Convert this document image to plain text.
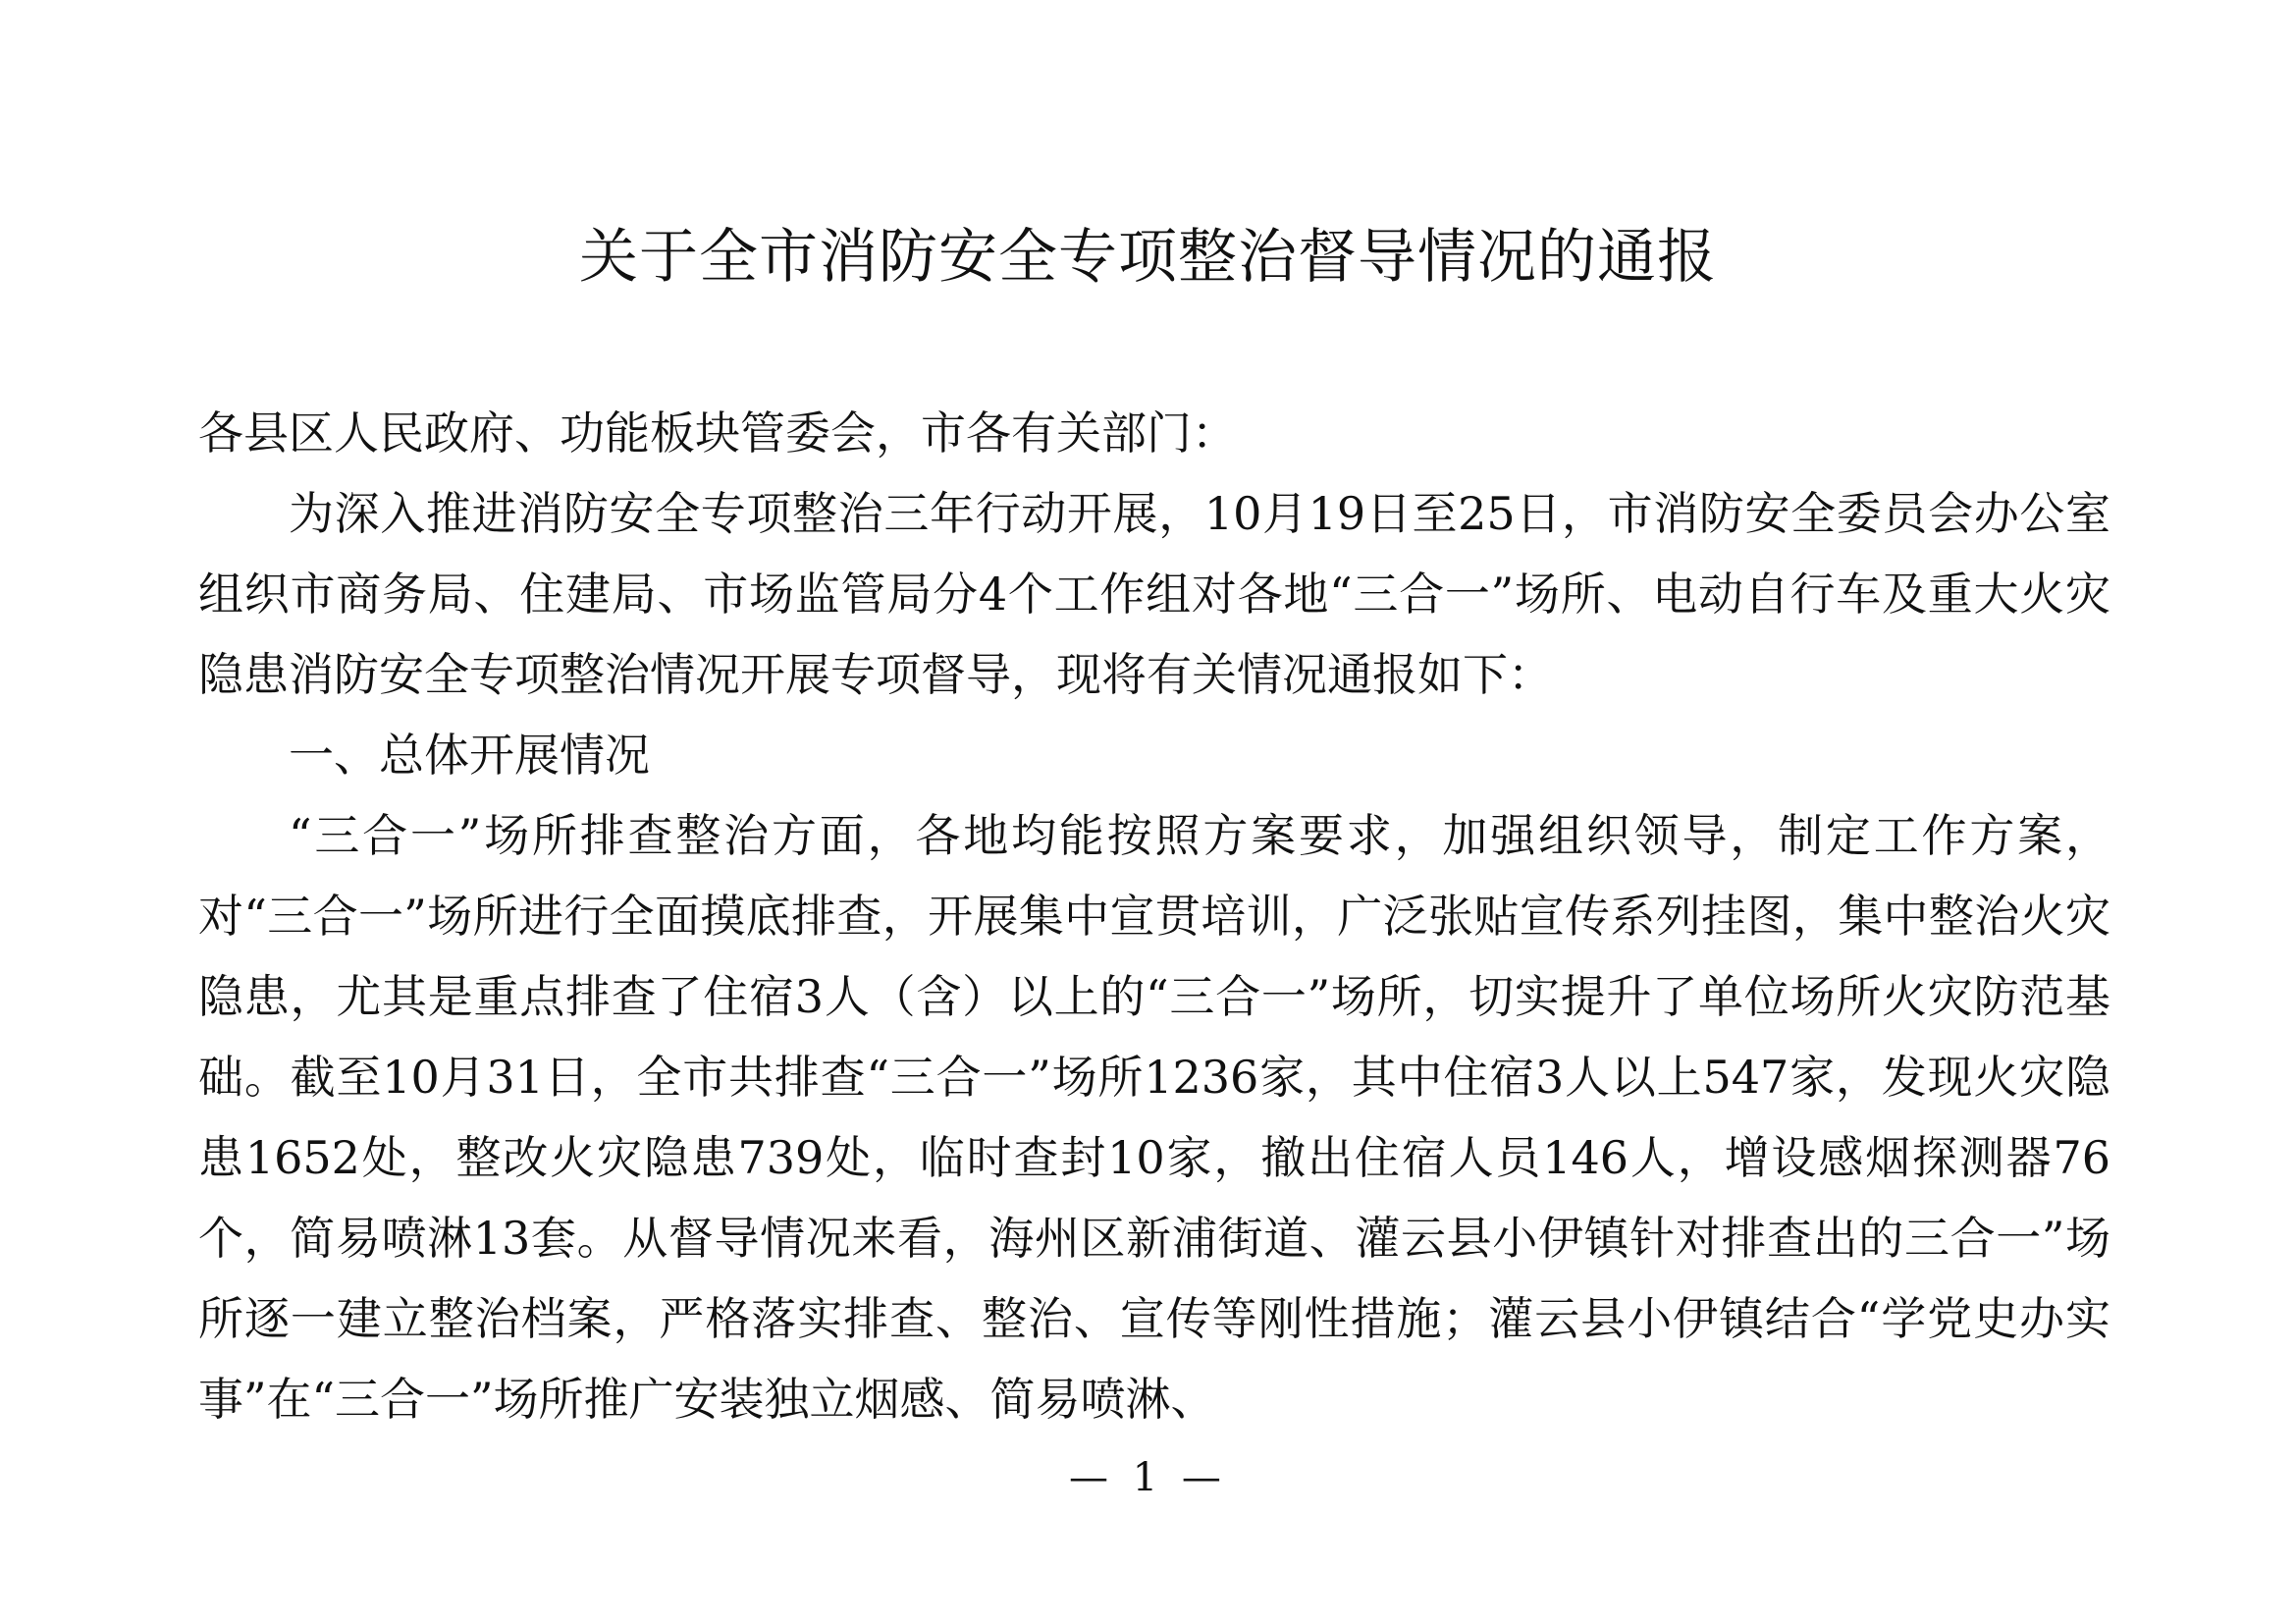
关于全市消防安全专项整治督导情况的通报

各县区人民政府、功能板块管委会，市各有关部门：

为深入推进消防安全专项整治三年行动开展，10月19日至25日，市消防安全委员会办公室组织市商务局、住建局、市场监管局分4个工作组对各地“三合一”场所、电动自行车及重大火灾隐患消防安全专项整治情况开展专项督导，现将有关情况通报如下：

一、总体开展情况

“三合一”场所排查整治方面，各地均能按照方案要求，加强组织领导，制定工作方案，对“三合一”场所进行全面摸底排查，开展集中宣贯培训，广泛张贴宣传系列挂图，集中整治火灾隐患，尤其是重点排查了住宿3人（含）以上的“三合一”场所，切实提升了单位场所火灾防范基础。截至10月31日，全市共排查“三合一”场所1236家，其中住宿3人以上547家，发现火灾隐患1652处，整改火灾隐患739处，临时查封10家，撤出住宿人员146人，增设感烟探测器76个，简易喷淋13套。从督导情况来看，海州区新浦街道、灌云县小伊镇针对排查出的三合一”场所逐一建立整治档案，严格落实排查、整治、宣传等刚性措施；灌云县小伊镇结合“学党史办实事”在“三合一”场所推广安装独立烟感、简易喷淋、

— 1 —
